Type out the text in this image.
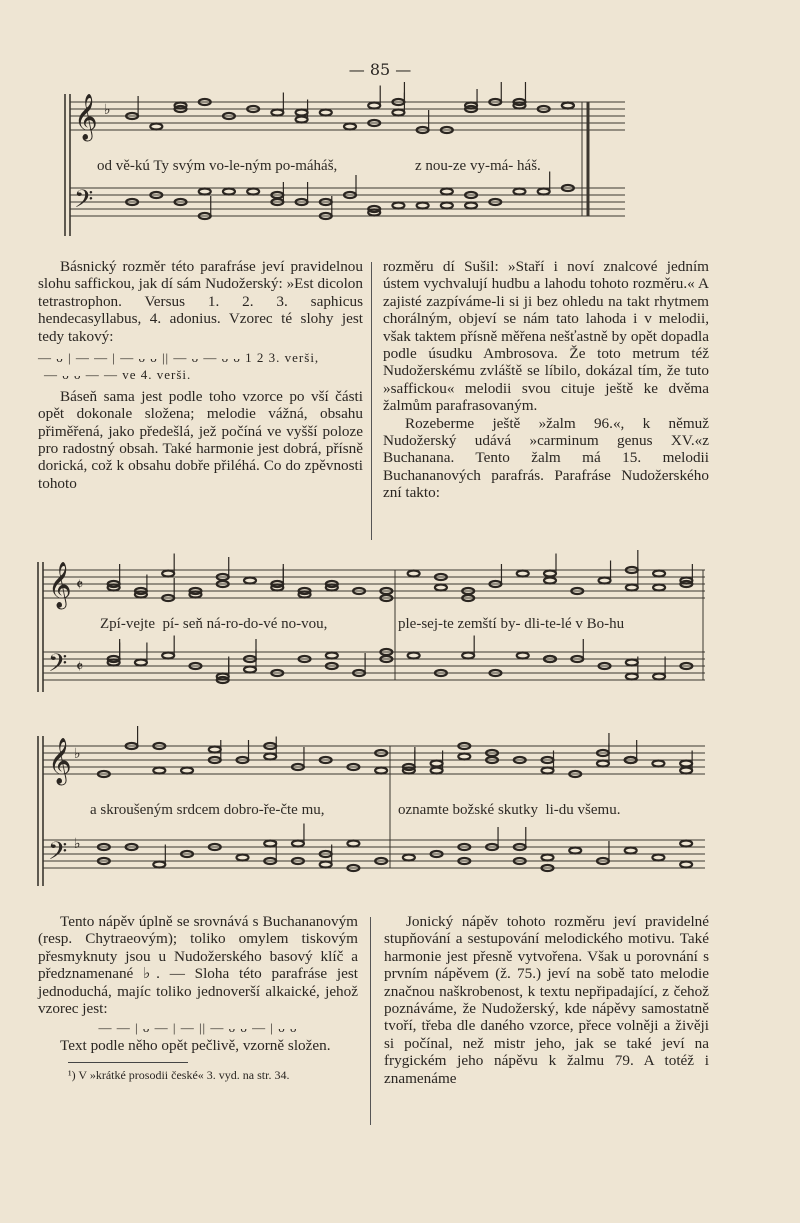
— 85 —
𝄞 ♭
𝄢
od vě-kú Ty svým vo-le-ným po-máháš,	z nou-ze vy-má- háš.

Básnický rozměr této parafráse jeví pravidelnou slohu saffickou, jak dí sám Nudožerský: »Est dicolon tetrastrophon. Versus 1. 2. 3. saphicus hendecasyllabus, 4. adonius. Vzorec té slohy jest tedy takový:

— ᴗ | — — | — ᴗ ᴗ || — ᴗ — ᴗ ᴗ 1 2 3. verši,

— ᴗ ᴗ — — ve 4. verši.

Báseň sama jest podle toho vzorce po vší části opět dokonale složena; melodie vážná, obsahu přiměřená, jako předešlá, jež počíná ve vyšší poloze pro radostný obsah. Také harmonie jest dobrá, přísně dorická, což k obsahu dobře přiléhá. Co do zpěvnosti tohoto

rozměru dí Sušil: »Staří i noví znalcové jedním ústem vychvalují hudbu a lahodu tohoto rozměru.« A zajisté zazpíváme-li si ji bez ohledu na takt rhytmem chorálným, objeví se nám tato lahoda i v melodii, však taktem přísně měřena nešťastně by opět dopadla podle úsudku Ambrosova. Že toto metrum též Nudožerskému zvláště se líbilo, dokázal tím, že tuto »saffickou« melodii svou cituje ještě ke dvěma žalmům parafrasovaným.

Rozeberme ještě »žalm 96.«, k němuž Nudožerský udává »carminum genus XV.«z Buchanana. Tento žalm má 15. melodii Buchananových parafrás. Parafráse Nudožerského zní takto:

𝄞 𝄵
𝄢 𝄵
Zpí-vejte  pí- seň ná-ro-do-vé no-vou,	ple-sej-te zemští by- dli-te-lé v Bo-hu
𝄞 ♭
𝄢 ♭
a skroušeným srdcem dobro-ře-čte mu,	oznamte božské skutky  li-du všemu.

Tento nápěv úplně se srovnává s Buchananovým (resp. Chytraeovým); toliko omylem tiskovým přesmyknuty jsou u Nudožerského basový klíč a předznamenané ♭. — Sloha této parafráse jest jednoduchá, majíc toliko jednoverší alkaické, jehož vzorec jest:

— — | ᴗ — | — || — ᴗ ᴗ — | ᴗ ᴗ

Text podle něho opět pečlivě, vzorně složen.

¹) V »krátké prosodii české« 3. vyd. na str. 34.

Jonický nápěv tohoto rozměru jeví pravidelné stupňování a sestupování melodického motivu. Také harmonie jest přesně vytvořena. Však u porovnání s prvním nápěvem (ž. 75.) jeví na sobě tato melodie značnou naškrobenost, k textu nepřipadající, z čehož poznáváme, že Nudožerský, kde nápěvy samostatně tvoří, třeba dle daného vzorce, přece volněji a živěji si počínal, než mistr jeho, jak se také jeví na frygickém jeho nápěvu k žalmu 79. A totéž i znamenáme
